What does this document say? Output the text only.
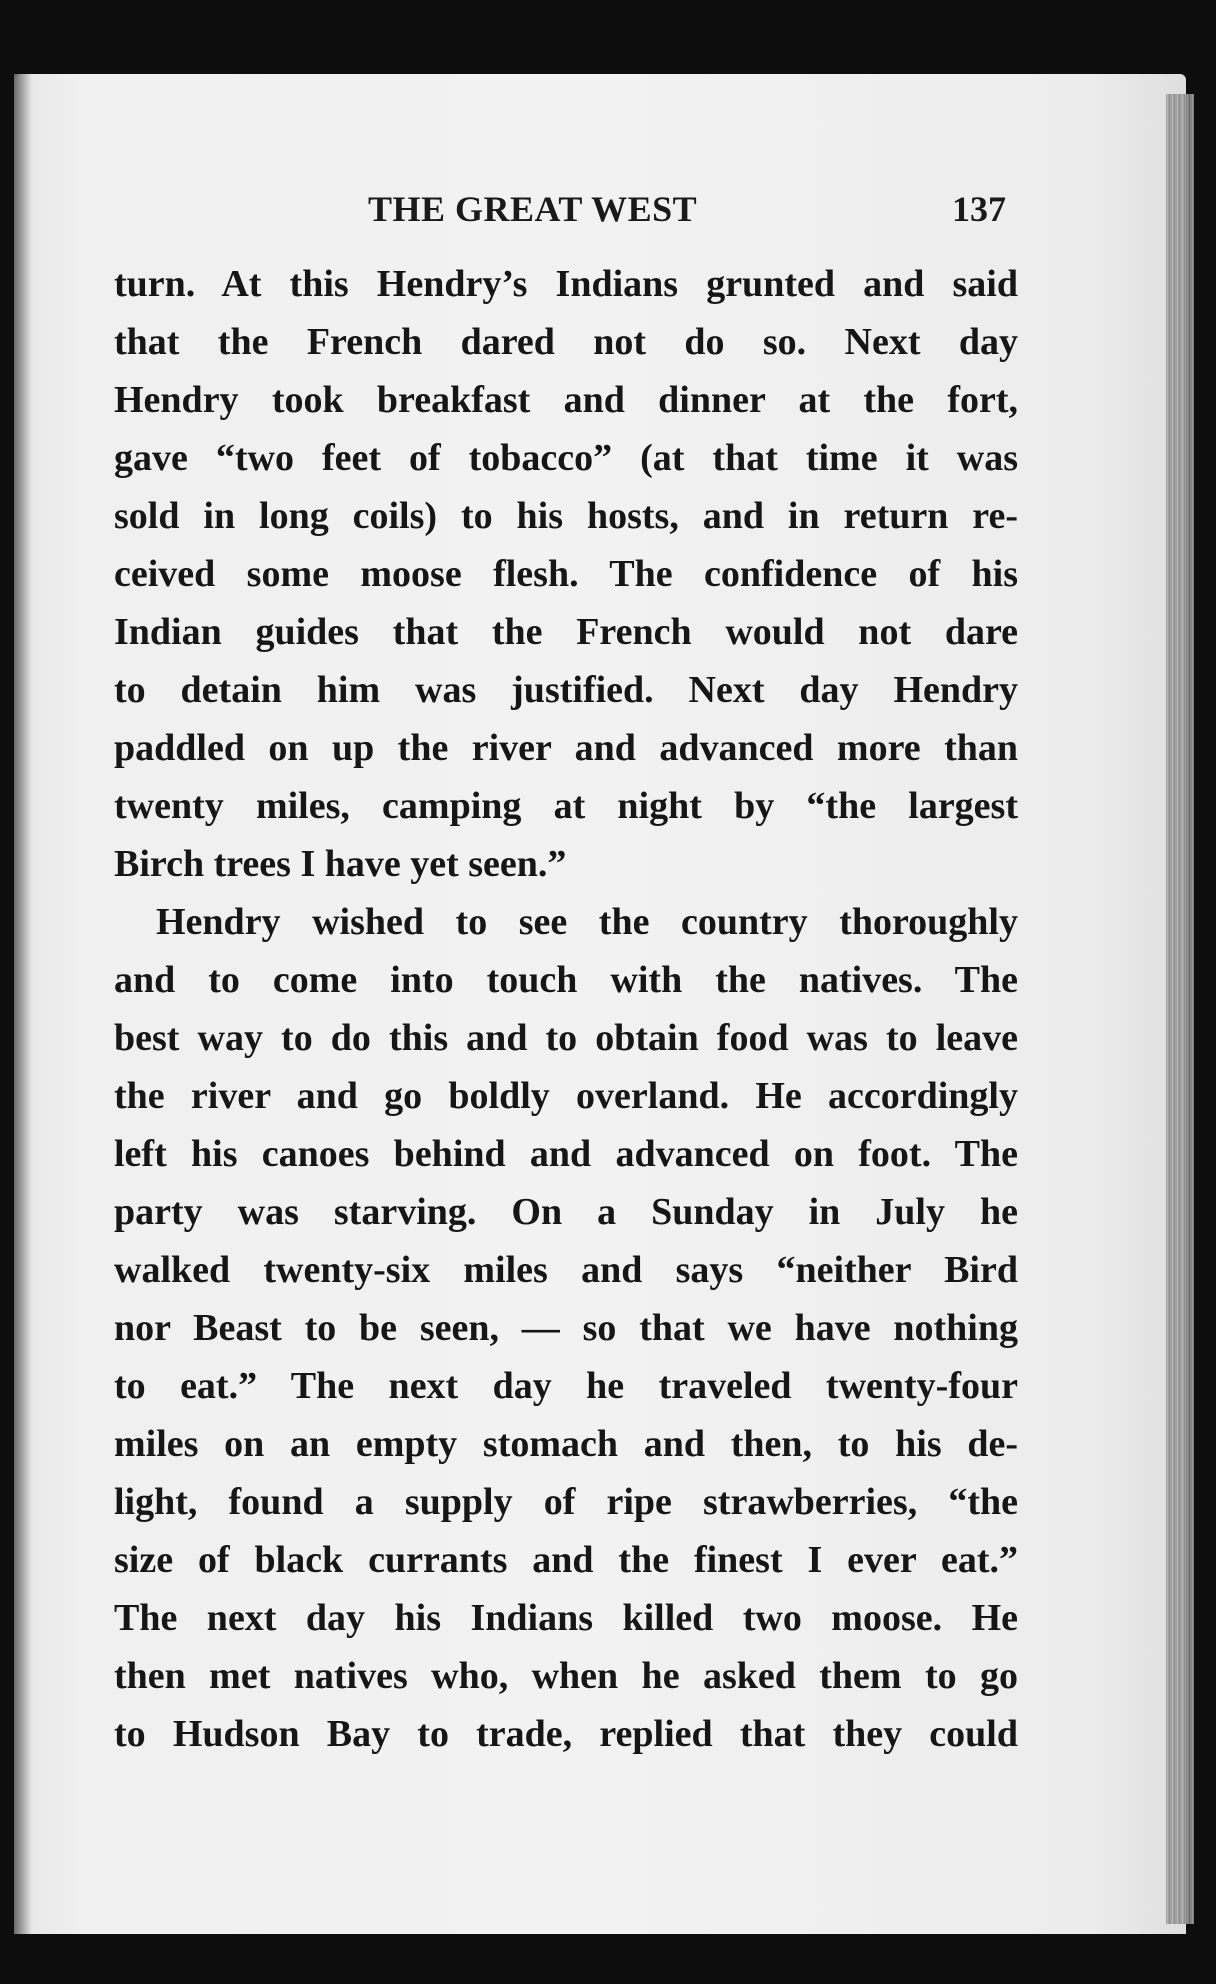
THE GREAT WEST	137
turn. At this Hendry’s Indians grunted and said
that the French dared not do so. Next day
Hendry took breakfast and dinner at the fort,
gave “two feet of tobacco” (at that time it was
sold in long coils) to his hosts, and in return re-
ceived some moose flesh. The confidence of his
Indian guides that the French would not dare
to detain him was justified. Next day Hendry
paddled on up the river and advanced more than
twenty miles, camping at night by “the largest
Birch trees I have yet seen.”
Hendry wished to see the country thoroughly
and to come into touch with the natives. The
best way to do this and to obtain food was to leave
the river and go boldly overland. He accordingly
left his canoes behind and advanced on foot. The
party was starving. On a Sunday in July he
walked twenty-six miles and says “neither Bird
nor Beast to be seen, — so that we have nothing
to eat.” The next day he traveled twenty-four
miles on an empty stomach and then, to his de-
light, found a supply of ripe strawberries, “the
size of black currants and the finest I ever eat.”
The next day his Indians killed two moose. He
then met natives who, when he asked them to go
to Hudson Bay to trade, replied that they could
